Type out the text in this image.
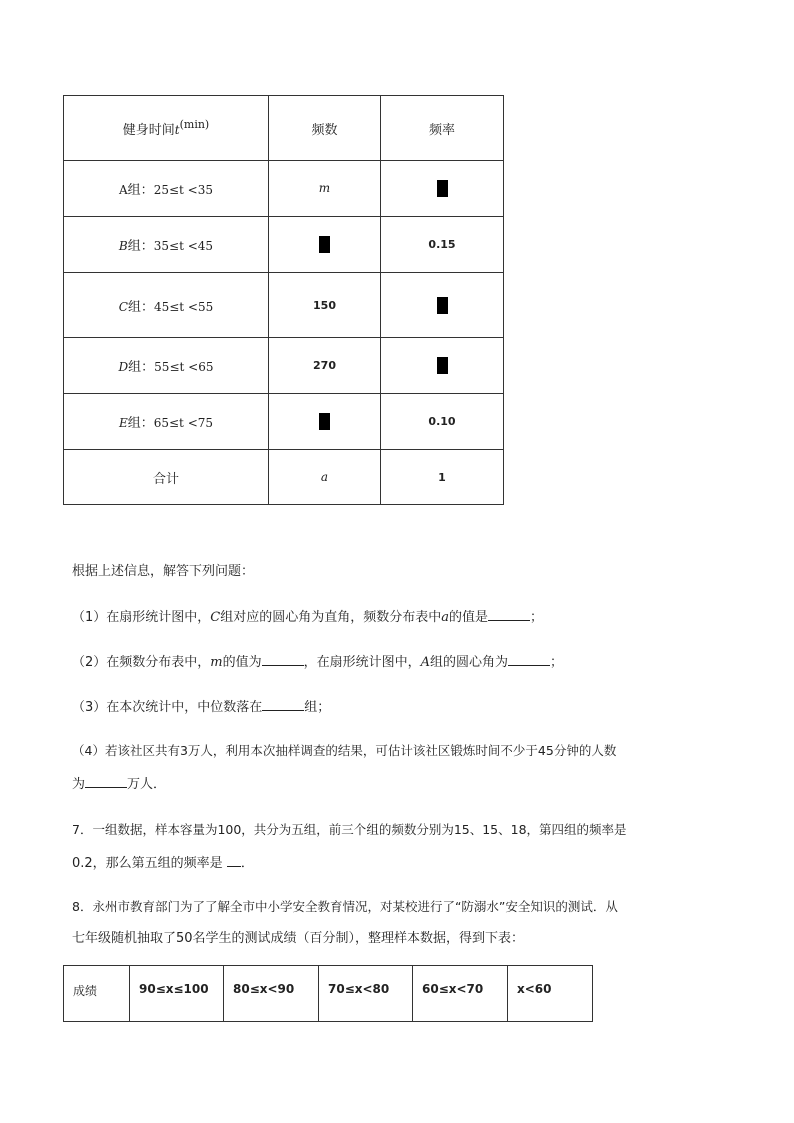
健身时间$t^{(min)}$	频数	频率
A组：25≤t <35	m	
B组：35≤t <45		0.15
C组：45≤t <55	150	
D组：55≤t <65	270	
E组：65≤t <75		0.10
合计	a	1
根据上述信息，解答下列问题：
（1）在扇形统计图中，C组对应的圆心角为直角，频数分布表中a的值是	；
（2）在频数分布表中，m的值为	，在扇形统计图中，A组的圆心角为	；
（3）在本次统计中，中位数落在	组；
（4）若该社区共有3万人，利用本次抽样调查的结果，可估计该社区锻炼时间不少于45分钟的人数
为	万人．
7．一组数据，样本容量为100，共分为五组，前三个组的频数分别为15、15、18，第四组的频率是
0.2，那么第五组的频率是 ．
8．永州市教育部门为了了解全市中小学安全教育情况，对某校进行了“防溺水”安全知识的测试．从
七年级随机抽取了50名学生的测试成绩（百分制），整理样本数据，得到下表：
成绩	90≤x≤100	80≤x<90	70≤x<80	60≤x<70	x<60
